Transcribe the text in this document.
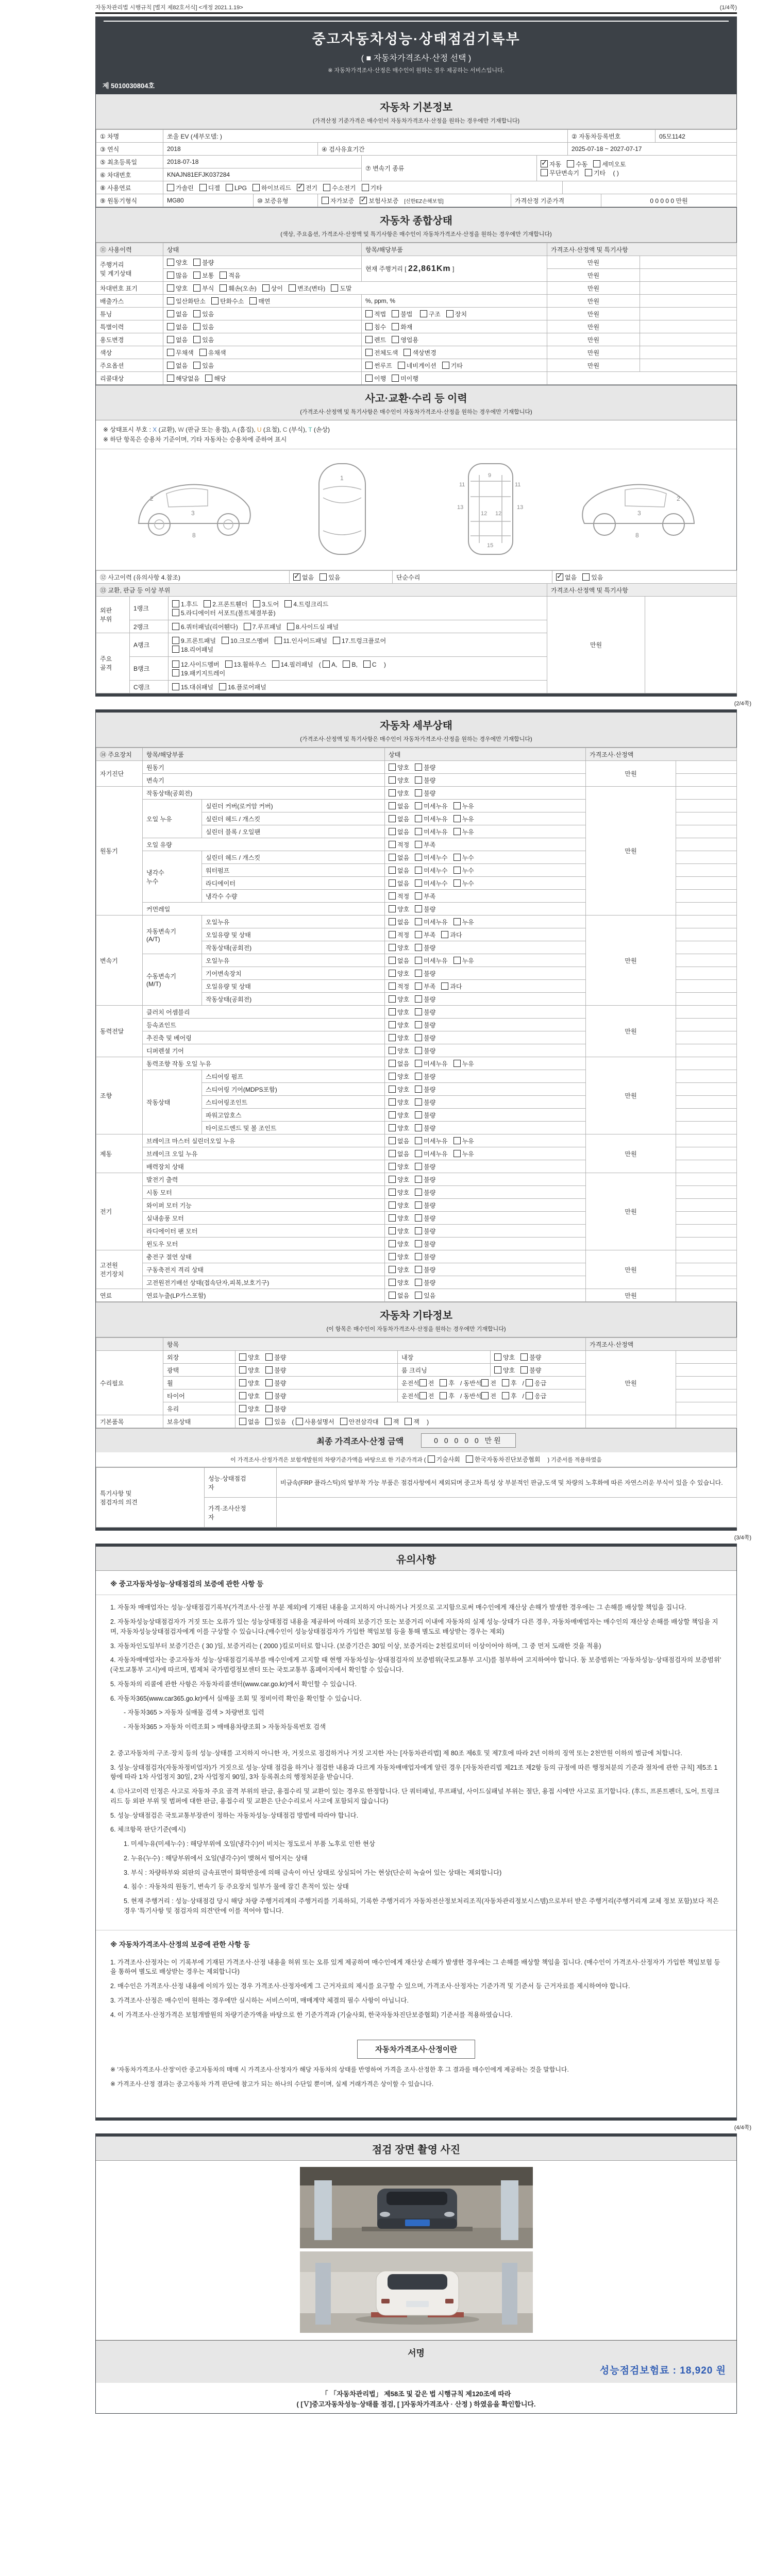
자동차관리법 시행규칙 [별지 제82호서식] <개정 2021.1.19>	(1/4쪽)
중고자동차성능·상태점검기록부
( ■ 자동차가격조사·산정 선택 )
※ 자동차가격조사·산정은 매수인이 원하는 경우 제공하는 서비스입니다.
제 5010030804호
자동차 기본정보
(가격산정 기준가격은 매수인이 자동차가격조사·산정을 원하는 경우에만 기재합니다)
① 차명	쏘울 EV (세부모델: )		② 자동차등록번호	05모1142
③ 연식	2018	④ 검사유효기간	2025-07-18 ~ 2027-07-17	
⑤ 최초등록일	2018-07-18	⑦ 변속기 종류	✓자동 수동 세미오토
무단변속기 기타 ( )
⑥ 차대번호	KNAJN81EFJK037284		
⑧ 사용연료	가솔린 디젤 LPG 하이브리드 ✓ 전기 수소전기 기타	
⑨ 원동기형식	MG80	⑩ 보증유형	자가보증 ✓ 보험사보증 [신한EZ손해보험]	가격산정 기준가격	0 0 0 0 0 만원
자동차 종합상태
(색상, 주요옵션, 가격조사·산정액 및 특기사항은 매수인이 자동차가격조사·산정을 원하는 경우에만 기재합니다)
⑪ 사용이력	상태	항목/해당부품	가격조사·산정액 및 특기사항	
주행거리
및 계기상태	양호 불량	현재 주행거리 [ 22,861Km ]	만원	
	많음 보통 적음		만원	
차대번호 표기	양호 부식 훼손(오손) 상이 변조(변타) 도말		만원	
배출가스	일산화탄소 탄화수소 매연	%, ppm, %	만원	
튜닝	없음 있음	적법 불법 구조 장치	만원	
특별이력	없음 있음	침수 화재	만원	
용도변경	없음 있음	렌트 영업용	만원	
색상	무채색 유채색	전체도색 색상변경	만원	
주요옵션	없음 있음	썬루프 네비게이션 기타	만원	
리콜대상	해당없음 해당	이행 미이행		
사고·교환·수리 등 이력
(가격조사·산정액 및 특기사항은 매수인이 자동차가격조사·산정을 원하는 경우에만 기재합니다)
※ 상태표시 부호 : X (교환), W (판금 또는 용접), A (흠집), U (요철), C (부식), T (손상)
※ 하단 항목은 승용차 기준이며, 기타 자동차는 승용차에 준하여 표시
2
3
8
1	9
11	11
13	13
12 12
15
2
3
8
⑫ 사고이력 (유의사항 4.참조)	✓없음 있음	단순수리	✓없음 있음
⑬ 교환, 판금 등 이상 부위			가격조사·산정액 및 특기사항	
외판
부위	1랭크	1.후드 2.프론트휀더 3.도어 4.트렁크리드
5.라디에이터 서포트(볼트체결부품)	만원	
	2랭크	6.쿼터패널(리어휀다) 7.루프패널 8.사이드실 패널		
주요
골격	A랭크	9.프론트패널 10.크로스멤버 11.인사이드패널 17.트렁크플로어
18.리어패널		
	B랭크	12.사이드멤버 13.휠하우스 14.필러패널 ( A, B, C )
19.패키지트레이		
	C랭크	15.대쉬패널 16.플로어패널		
(2/4쪽)
자동차 세부상태
(가격조사·산정액 및 특기사항은 매수인이 자동차가격조사·산정을 원하는 경우에만 기재합니다)
⑭ 주요장치	항목/해당부품		상태	가격조사·산정액	
자기진단	원동기		양호 불량	만원	
	변속기		양호 불량		
원동기	작동상태(공회전)		양호 불량	만원	
	오일 누유	실린더 커버(로커암 커버)	없음 미세누유 누유		
		실린더 헤드 / 개스킷	없음 미세누유 누유		
		실린더 블록 / 오일팬	없음 미세누유 누유		
	오일 유량		적정 부족		
	냉각수
누수	실린더 헤드 / 개스킷	없음 미세누수 누수		
		워터펌프	없음 미세누수 누수		
		라디에이터	없음 미세누수 누수		
		냉각수 수량	적정 부족		
	커먼레일		양호 불량		
변속기	자동변속기
(A/T)	오일누유	없음 미세누유 누유	만원	
		오일유량 및 상태	적정 부족 과다		
		작동상태(공회전)	양호 불량		
	수동변속기
(M/T)	오일누유	없음 미세누유 누유		
		기어변속장치	양호 불량		
		오일유량 및 상태	적정 부족 과다		
		작동상태(공회전)	양호 불량		
동력전달	클러치 어셈블리		양호 불량	만원	
	등속죠인트		양호 불량		
	추진축 및 베어링		양호 불량		
	디퍼렌셜 기어		양호 불량		
조향	동력조향 작동 오일 누유		없음 미세누유 누유	만원	
	작동상태	스티어링 펌프	양호 불량		
		스티어링 기어(MDPS포함)	양호 불량		
		스티어링조인트	양호 불량		
		파워고압호스	양호 불량		
		타이로드엔드 및 볼 조인트	양호 불량		
제동	브레이크 마스터 실린더오일 누유		없음 미세누유 누유	만원	
	브레이크 오일 누유		없음 미세누유 누유		
	배력장치 상태		양호 불량		
전기	발전기 출력		양호 불량	만원	
	시동 모터		양호 불량		
	와이퍼 모터 기능		양호 불량		
	실내송풍 모터		양호 불량		
	라디에이터 팬 모터		양호 불량		
	윈도우 모터		양호 불량		
고전원
전기장치	충전구 절연 상태		양호 불량	만원	
	구동축전지 격리 상태		양호 불량		
	고전원전기배선 상태(접속단자,피복,보호기구)		양호 불량		
연료	연료누출(LP가스포함)		없음 있음	만원	
자동차 기타정보
(이 항목은 매수인이 자동차가격조사·산정을 원하는 경우에만 기재합니다)
	항목				가격조사·산정액	
수리필요	외장	양호 불량	내장	양호 불량	만원	
	광택	양호 불량	룸 크리닝	양호 불량		
	휠	양호 불량	운전석 전 후 / 동반석 전 후 / 응급			
	타이어	양호 불량	운전석 전 후 / 동반석 전 후 / 응급			
	유리	양호 불량				
기본품목	보유상태	없음 있음 ( 사용설명서 안전삼각대 잭 잭 )				
최종 가격조사·산정 금액	0 0 0 0 0 만원
이 가격조사·산정가격은 보험개발원의 차량기준가액을 바탕으로 한 기준가격과 ( 기술사회 한국자동차진단보증협회 ) 기준서를 적용하였음
특기사항 및
점검자의 의견	성능·상태점검
자	비금속(FRP 플라스틱)의 탈부착 가능 부품은 점검사항에서 제외되며 중고차 특성 상 부분적인 판금,도색 및 차량의 노후화에 따른 자연스러운 부식이 있을 수 있습니다.
	가격·조사산정
자	
(3/4쪽)
유의사항
※ 중고자동차성능·상태점검의 보증에 관한 사항 등
1. 자동차 매매업자는 성능·상태점검기록부(가격조사·산정 부분 제외)에 기재된 내용을 고지하지 아니하거나 거짓으로 고지함으로써 매수인에게 재산상 손해가 발생한 경우에는 그 손해를 배상할 책임을 집니다.
2. 자동차성능상태점검자가 거짓 또는 오류가 있는 성능상태점검 내용을 제공하여 아래의 보증기간 또는 보증거리 이내에 자동차의 실제 성능·상태가 다른 경우, 자동차매매업자는 매수인의 재산상 손해를 배상할 책임을 지며, 자동차성능상태점검자에게 이를 구상할 수 있습니다.(매수인이 성능상태점검자가 가입한 책임보험 등을 통해 별도로 배상받는 경우는 제외)
3. 자동차인도일부터 보증기간은 ( 30 )일, 보증거리는 ( 2000 )킬로미터로 합니다. (보증기간은 30일 이상, 보증거리는 2천킬로미터 이상이어야 하며, 그 중 먼저 도래한 것을 적용)
4. 자동차매매업자는 중고자동차 성능·상태점검기록부를 매수인에게 고지할 때 현행 자동차성능·상태점검자의 보증범위(국토교통부 고시)를 첨부하여 고지하여야 합니다. 동 보증범위는 '자동차성능·상태점검자의 보증범위' (국토교통부 고시)에 따르며, 법제처 국가법령정보센터 또는 국토교통부 홈페이지에서 확인할 수 있습니다.
5. 자동차의 리콜에 관한 사항은 자동차리콜센터(www.car.go.kr)에서 확인할 수 있습니다.
6. 자동차365(www.car365.go.kr)에서 실매물 조회 및 정비이력 확인을 확인할 수 있습니다.
- 자동차365 > 자동차 실매물 검색 > 차량번호 입력
- 자동차365 > 자동차 이력조회 > 매매용차량조회 > 자동차등록번호 검색
2. 중고자동차의 구조·장치 등의 성능·상태를 고지하지 아니한 자, 거짓으로 점검하거나 거짓 고지한 자는 [자동차관리법] 제 80조 제6호 및 제7호에 따라 2년 이하의 징역 또는 2천만원 이하의 벌금에 처합니다.
3. 성능·상태점검자(자동차정비업자)가 거짓으로 성능·상태 점검을 하거나 점검한 내용과 다르게 자동차매매업자에게 알린 경우 [자동차관리법 제21조 제2항 등의 규정에 따른 행정처분의 기준과 절차에 관한 규칙] 제5조 1항에 따라 1차 사업정지 30일, 2차 사업정지 90일, 3차 등록취소의 행정처분을 받습니다.
4. ⑫사고이력 인정은 사고로 자동차 주요 골격 부위의 판금, 용접수리 및 교환이 있는 경우로 한정합니다. 단 쿼터패널, 루프패널, 사이드실패널 부위는 절단, 용접 시에만 사고로 표기합니다. (후드, 프론트펜더, 도어, 트렁크리드 등 외판 부위 및 범퍼에 대한 판금, 용접수리 및 교환은 단순수리로서 사고에 포함되지 않습니다)
5. 성능·상태점검은 국토교통부장관이 정하는 자동차성능·상태점검 방법에 따라야 합니다.
6. 체크항목 판단기준(예시)
1. 미세누유(미세누수) : 해당부위에 오일(냉각수)이 비치는 정도로서 부품 노후로 인한 현상
2. 누유(누수) : 해당부위에서 오일(냉각수)이 맺혀서 떨어지는 상태
3. 부식 : 차량하부와 외판의 금속표면이 화학반응에 의해 금속이 아닌 상태로 상실되어 가는 현상(단순히 녹슬어 있는 상태는 제외합니다)
4. 침수 : 자동차의 원동기, 변속기 등 주요장치 일부가 물에 잠긴 흔적이 있는 상태
5. 현재 주행거리 : 성능·상태점검 당시 해당 차량 주행거리계의 주행거리를 기록하되, 기록한 주행거리가 자동차전산정보처리조직(자동차관리정보시스템)으로부터 받은 주행거리(주행거리계 교체 정보 포함)보다 적은 경우 '특기사항 및 점검자의 의견'란에 이를 적어야 합니다.
※ 자동차가격조사·산정의 보증에 관한 사항 등
1. 가격조사·산정자는 이 기록부에 기재된 가격조사·산정 내용을 허위 또는 오류 있게 제공하여 매수인에게 재산상 손해가 발생한 경우에는 그 손해를 배상할 책임을 집니다. (매수인이 가격조사·산정자가 가입한 책임보험 등을 통하여 별도로 배상받는 경우는 제외합니다)
2. 매수인은 가격조사·산정 내용에 이의가 있는 경우 가격조사·산정자에게 그 근거자료의 제시를 요구할 수 있으며, 가격조사·산정자는 기준가격 및 기준서 등 근거자료를 제시하여야 합니다.
3. 가격조사·산정은 매수인이 원하는 경우에만 실시하는 서비스이며, 매매계약 체결의 필수 사항이 아닙니다.
4. 이 가격조사·산정가격은 보험개발원의 차량기준가액을 바탕으로 한 기준가격과 (기술사회, 한국자동차진단보증협회) 기준서를 적용하였습니다.
자동차가격조사·산정이란
※ '자동차가격조사·산정'이란 중고자동차의 매매 시 가격조사·산정자가 해당 자동차의 상태를 반영하여 가격을 조사·산정한 후 그 결과를 매수인에게 제공하는 것을 말합니다.
※ 가격조사·산정 결과는 중고자동차 가격 판단에 참고가 되는 하나의 수단일 뿐이며, 실제 거래가격은 상이할 수 있습니다.
(4/4쪽)
점검 장면 촬영 사진
서명
성능점검보험료 : 18,920 원
「 「자동차관리법」 제58조 및 같은 법 시행규칙 제120조에 따라
( [Ｖ]중고자동차성능·상태를 점검, [ ]자동차가격조사 · 산정 ) 하였음을 확인합니다.
